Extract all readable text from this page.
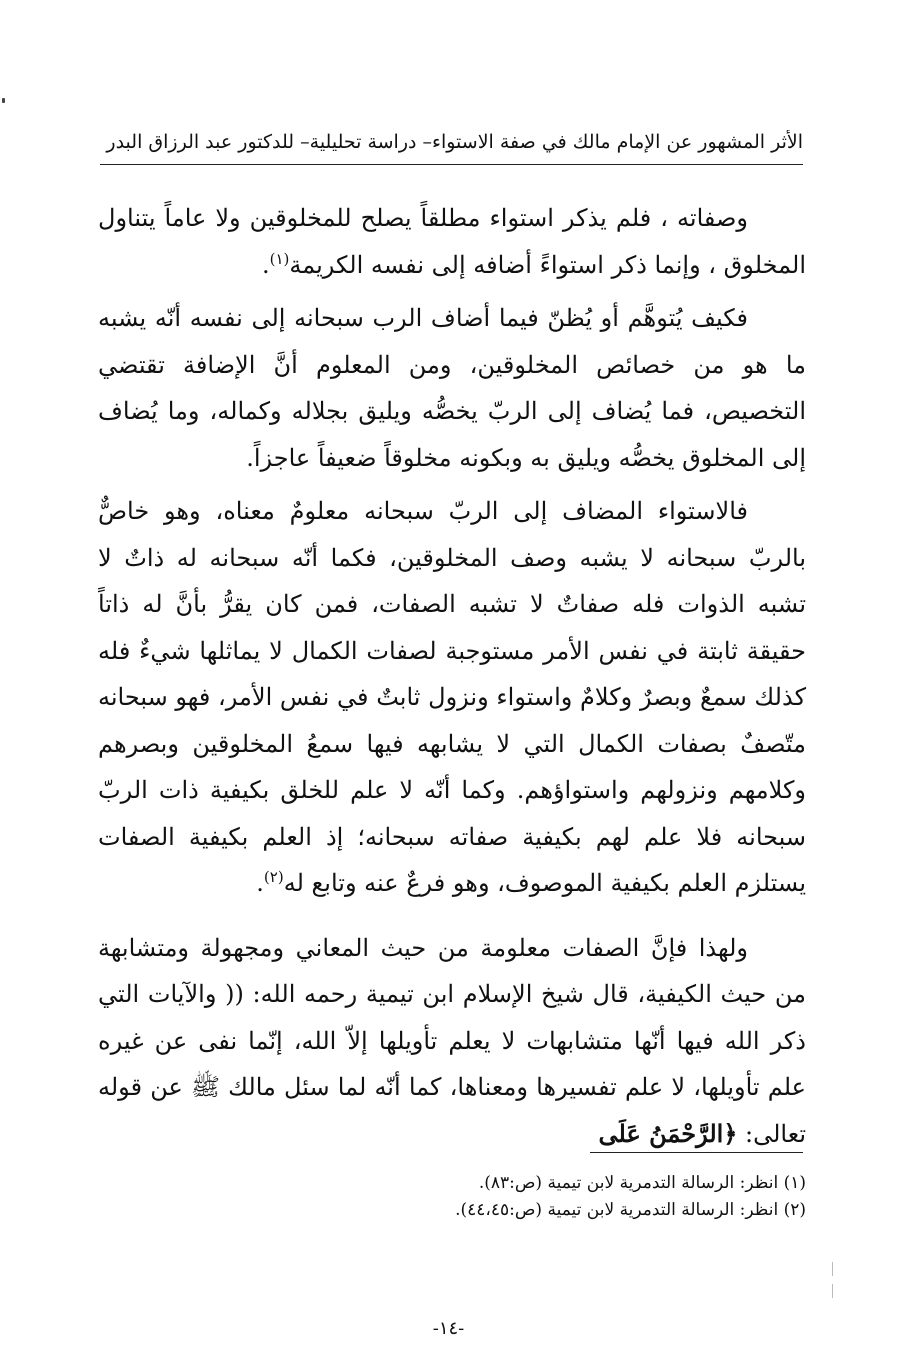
الأثر المشهور عن الإمام مالك في صفة الاستواء– دراسة تحليلية– للدكتور عبد الرزاق البدر

وصفاته ، فلم يذكر استواء مطلقاً يصلح للمخلوقين ولا عاماً يتناول المخلوق ، وإنما ذكر استواءً أضافه إلى نفسه الكريمة$^{(١)}$.

فكيف يُتوهَّم أو يُظنّ فيما أضاف الرب سبحانه إلى نفسه أنّه يشبه ما هو من خصائص المخلوقين، ومن المعلوم أنَّ الإضافة تقتضي التخصيص، فما يُضاف إلى الربّ يخصُّه ويليق بجلاله وكماله، وما يُضاف إلى المخلوق يخصُّه ويليق به وبكونه مخلوقاً ضعيفاً عاجزاً.

فالاستواء المضاف إلى الربّ سبحانه معلومٌ معناه، وهو خاصٌّ بالربّ سبحانه لا يشبه وصف المخلوقين، فكما أنّه سبحانه له ذاتٌ لا تشبه الذوات فله صفاتٌ لا تشبه الصفات، فمن كان يقرُّ بأنَّ له ذاتاً حقيقة ثابتة في نفس الأمر مستوجبة لصفات الكمال لا يماثلها شيءٌ فله كذلك سمعٌ وبصرٌ وكلامٌ واستواء ونزول ثابتٌ في نفس الأمر، فهو سبحانه متّصفٌ بصفات الكمال التي لا يشابهه فيها سمعُ المخلوقين وبصرهم وكلامهم ونزولهم واستواؤهم. وكما أنّه لا علم للخلق بكيفية ذات الربّ سبحانه فلا علم لهم بكيفية صفاته سبحانه؛ إذ العلم بكيفية الصفات يستلزم العلم بكيفية الموصوف، وهو فرعٌ عنه وتابع له$^{(٢)}$.

ولهذا فإنَّ الصفات معلومة من حيث المعاني ومجهولة ومتشابهة من حيث الكيفية، قال شيخ الإسلام ابن تيمية رحمه الله: (( والآيات التي ذكر الله فيها أنّها متشابهات لا يعلم تأويلها إلاّ الله، إنّما نفى عن غيره علم تأويلها، لا علم تفسيرها ومعناها، كما أنّه لما سئل مالك ﷺ عن قوله تعالى: ﴿الرَّحْمَنُ عَلَى

(١) انظر: الرسالة التدمرية لابن تيمية (ص:٨٣).
(٢) انظر: الرسالة التدمرية لابن تيمية (ص:٤٤،٤٥).
-١٤-
